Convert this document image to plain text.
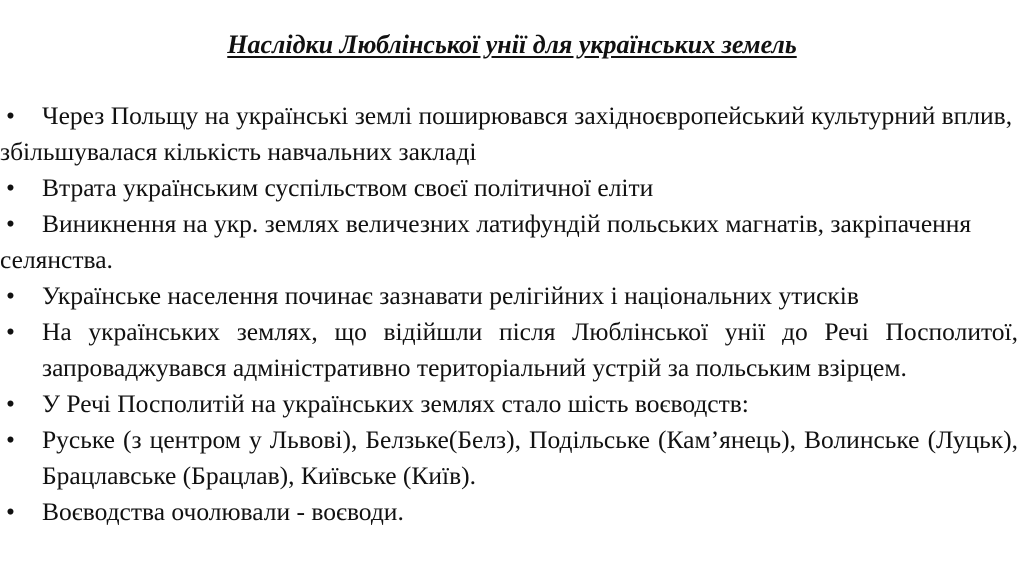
Наслідки Люблінської унії для українських земель
• Через Польщу на українські землі поширювався західноєвропейський культурний вплив, збільшувалася кількість навчальних закладі
• Втрата українським суспільством своєї політичної еліти
• Виникнення на укр. землях величезних латифундій польських магнатів, закріпачення селянства.
• Українське населення починає зазнавати релігійних і національних утисків
• На українських землях, що відійшли після Люблінської унії до Речі Посполитої, запроваджувався адміністративно територіальний устрій за польським взірцем.
• У Речі Посполитій на українських землях стало шість воєводств:
• Руське (з центром у Львові), Белзьке(Белз), Подільське (Кам’янець), Волинське (Луцьк), Брацлавське (Брацлав), Київське (Київ).
• Воєводства очолювали - воєводи.
